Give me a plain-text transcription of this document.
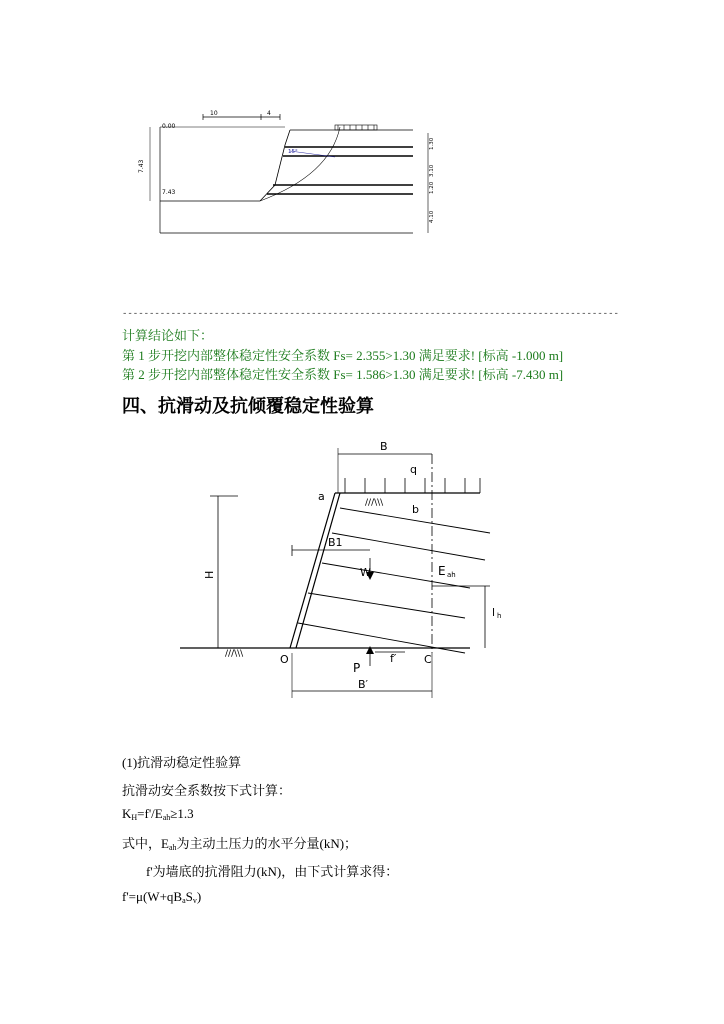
10	4
0.00
7.43
7.43
15°
1.30
3.10
1.20
4.10
--------------------------------------------------------------------------------------------
计算结论如下：
第 1 步开挖内部整体稳定性安全系数 Fs= 2.355>1.30 满足要求! [标高 -1.000 m]
第 2 步开挖内部整体稳定性安全系数 Fs= 1.586>1.30 满足要求! [标高 -7.430 m]
四、抗滑动及抗倾覆稳定性验算
H
///\\\
B
q
a
b
///\\\
B1
W	E ah
l h
O	C
P
f′
B′
(1)抗滑动稳定性验算
抗滑动安全系数按下式计算：
$K_H=f'/E_{ah}\ge 1.3$
式中，$E_{ah}$为主动土压力的水平分量(kN)；
f'为墙底的抗滑阻力(kN)，由下式计算求得：
$f'=\mu(W+qB_aS_v)$
